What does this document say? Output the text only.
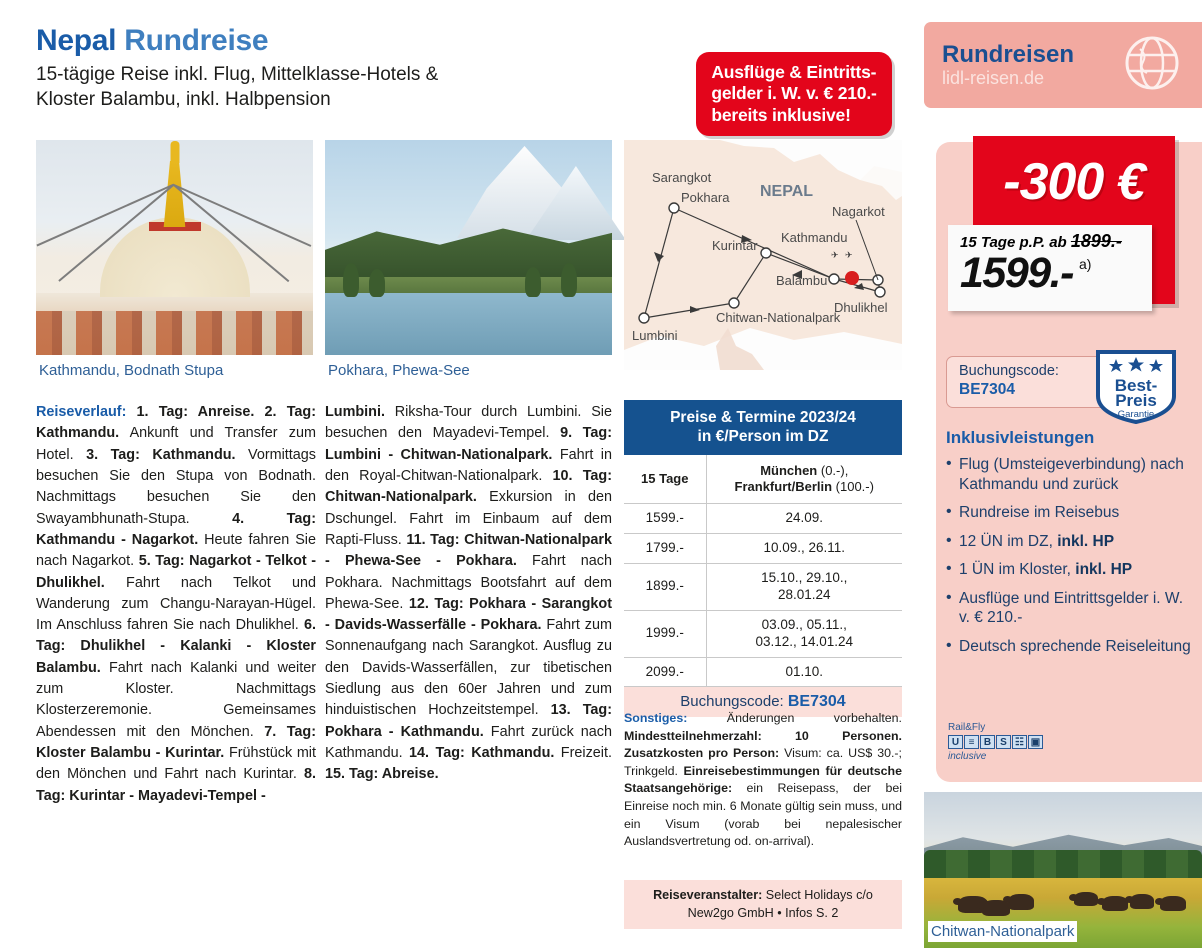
Nepal Rundreise
15-tägige Reise inkl. Flug, Mittelklasse-Hotels &
Kloster Balambu, inkl. Halbpension
Ausflüge & Eintritts-
gelder i. W. v. € 210.-
bereits inklusive!
Rundreisen
lidl-reisen.de
-300 €
15 Tage p.P. ab 1899.-
1599.- a)
Buchungscode:
BE7304	Best-
Preis
Garantie
Inklusivleistungen
• Flug (Umsteigeverbindung) nach Kathmandu und zurück
• Rundreise im Reisebus
• 12 ÜN im DZ, inkl. HP
• 1 ÜN im Kloster, inkl. HP
• Ausflüge und Eintrittsgelder i. W. v. € 210.-
• Deutsch sprechende Reiseleitung
Rail&Fly
U ≡ B S ☷ ▣
inclusive
Kathmandu, Bodnath Stupa	Pokhara, Phewa-See
Chitwan-Nationalpark
✈ ✈
Sarangkot
Pokhara NEPAL
Nagarkot
Kathmandu
Kurintar
Balambu
Dhulikhel
Chitwan-Nationalpark
Lumbini
Reiseverlauf: 1. Tag: Anreise. 2. Tag: Kathmandu. Ankunft und Transfer zum Hotel. 3. Tag: Kathmandu. Vormittags besuchen Sie den Stupa von Bodnath. Nachmittags besuchen Sie den Swayambhunath-Stupa. 4. Tag: Kathmandu - Nagarkot. Heute fahren Sie nach Nagarkot. 5. Tag: Nagarkot - Telkot - Dhulikhel. Fahrt nach Telkot und Wanderung zum Changu-Narayan-Hügel. Im Anschluss fahren Sie nach Dhulikhel. 6. Tag: Dhulikhel - Kalanki - Kloster Balambu. Fahrt nach Kalanki und weiter zum Kloster. Nachmittags Klosterzeremonie. Gemeinsames Abendessen mit den Mönchen. 7. Tag: Kloster Balambu - Kurintar. Frühstück mit den Mönchen und Fahrt nach Kurintar. 8. Tag: Kurintar - Mayadevi-Tempel -
Lumbini. Riksha-Tour durch Lumbini. Sie besuchen den Mayadevi-Tempel. 9. Tag: Lumbini - Chitwan-Nationalpark. Fahrt in den Royal-Chitwan-Nationalpark. 10. Tag: Chitwan-Nationalpark. Exkursion in den Dschungel. Fahrt im Einbaum auf dem Rapti-Fluss. 11. Tag: Chitwan-Nationalpark - Phewa-See - Pokhara. Fahrt nach Pokhara. Nachmittags Bootsfahrt auf dem Phewa-See. 12. Tag: Pokhara - Sarangkot - Davids-Wasserfälle - Pokhara. Fahrt zum Sonnenaufgang nach Sarangkot. Ausflug zu den Davids-Wasserfällen, zur tibetischen Siedlung aus den 60er Jahren und zum hinduistischen Hochzeitstempel. 13. Tag: Pokhara - Kathmandu. Fahrt zurück nach Kathmandu. 14. Tag: Kathmandu. Freizeit. 15. Tag: Abreise.
Preise & Termine 2023/24
in €/Person im DZ
15 Tage	München (0.-),
Frankfurt/Berlin (100.-)
1599.-	24.09.
1799.-	10.09., 26.11.
1899.-	15.10., 29.10.,
28.01.24
1999.-	03.09., 05.11.,
03.12., 14.01.24
2099.-	01.10.
Buchungscode: BE7304
Sonstiges: Änderungen vorbehalten. Mindestteilnehmerzahl: 10 Personen. Zusatzkosten pro Person: Visum: ca. US$ 30.-; Trinkgeld. Einreisebestimmungen für deutsche Staatsangehörige: ein Reisepass, der bei Einreise noch min. 6 Monate gültig sein muss, und ein Visum (vorab bei nepalesischer Auslandsvertretung od. on-arrival).
Reiseveranstalter: Select Holidays c/o New2go GmbH • Infos S. 2
